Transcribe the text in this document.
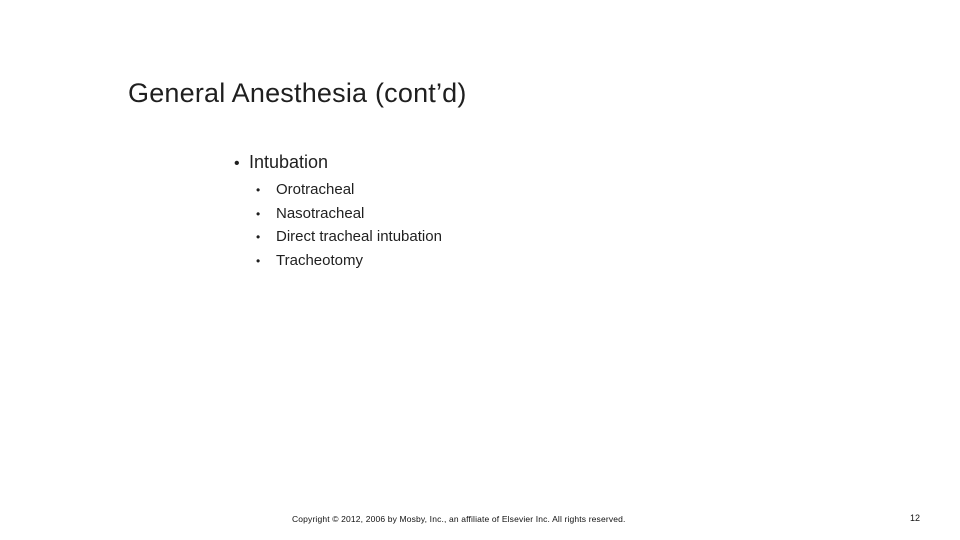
General Anesthesia (cont’d)
• Intubation
•	Orotracheal
•	Nasotracheal
•	Direct tracheal intubation
•	Tracheotomy
Copyright © 2012, 2006 by Mosby, Inc., an affiliate of Elsevier Inc. All rights reserved.	12
